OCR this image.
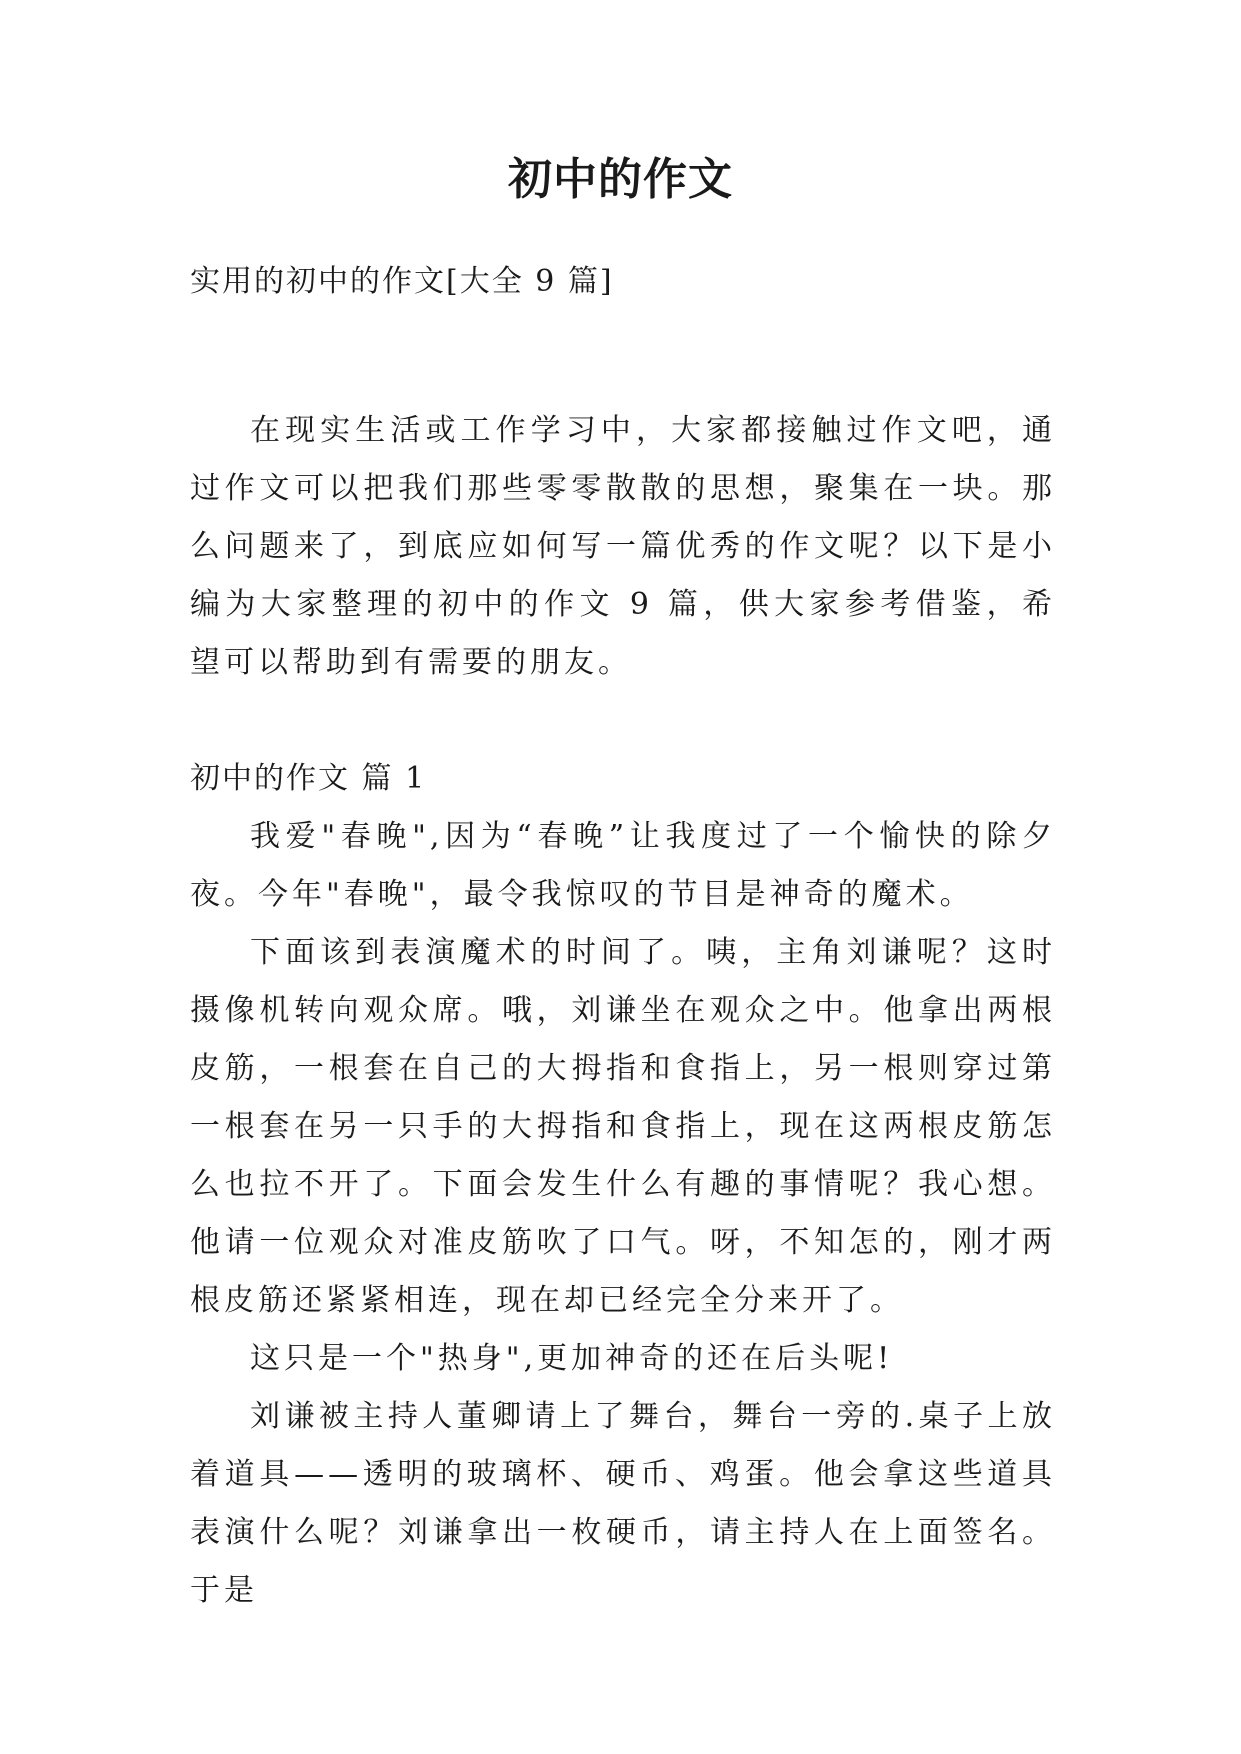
初中的作文
实用的初中的作文[大全 9 篇]

在现实生活或工作学习中，大家都接触过作文吧，通过作文可以把我们那些零零散散的思想，聚集在一块。那么问题来了，到底应如何写一篇优秀的作文呢？以下是小编为大家整理的初中的作文 9 篇，供大家参考借鉴，希望可以帮助到有需要的朋友。

初中的作文 篇 1

我爱"春晚",因为“春晚”让我度过了一个愉快的除夕夜。今年"春晚"，最令我惊叹的节目是神奇的魔术。

下面该到表演魔术的时间了。咦，主角刘谦呢？这时摄像机转向观众席。哦，刘谦坐在观众之中。他拿出两根皮筋，一根套在自己的大拇指和食指上，另一根则穿过第一根套在另一只手的大拇指和食指上，现在这两根皮筋怎么也拉不开了。下面会发生什么有趣的事情呢？我心想。他请一位观众对准皮筋吹了口气。呀，不知怎的，刚才两根皮筋还紧紧相连，现在却已经完全分来开了。

这只是一个"热身",更加神奇的还在后头呢!

刘谦被主持人董卿请上了舞台，舞台一旁的.桌子上放着道具——透明的玻璃杯、硬币、鸡蛋。他会拿这些道具表演什么呢？刘谦拿出一枚硬币，请主持人在上面签名。于是
